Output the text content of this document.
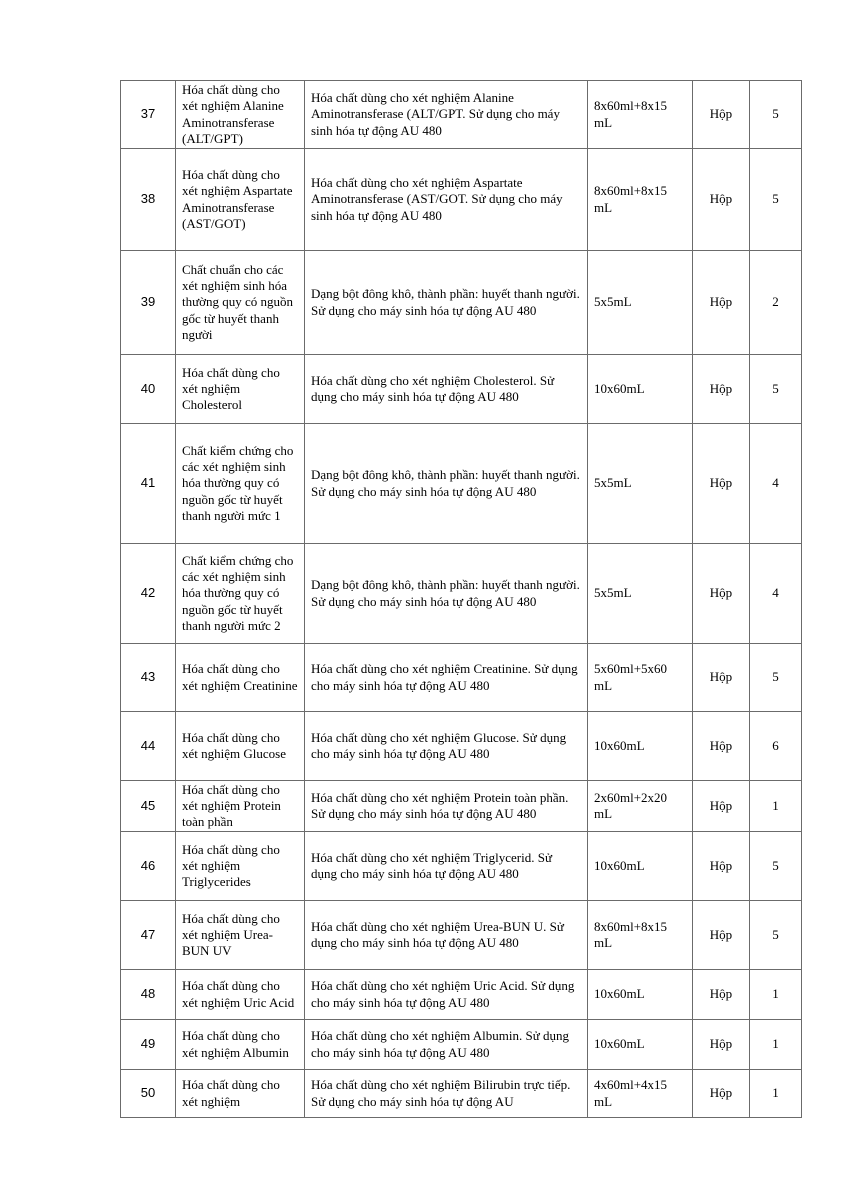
37	Hóa chất dùng cho xét nghiệm Alanine Aminotransferase (ALT/GPT)	Hóa chất dùng cho xét nghiệm Alanine Aminotransferase (ALT/GPT. Sử dụng cho máy sinh hóa tự động AU 480	8x60ml+8x15 mL	Hộp	5
38	Hóa chất dùng cho xét nghiệm Aspartate Aminotransferase (AST/GOT)	Hóa chất dùng cho xét nghiệm Aspartate Aminotransferase (AST/GOT. Sử dụng cho máy sinh hóa tự động AU 480	8x60ml+8x15 mL	Hộp	5
39	Chất chuẩn cho các xét nghiệm sinh hóa thường quy có nguồn gốc từ huyết thanh người	Dạng bột đông khô, thành phần: huyết thanh người. Sử dụng cho máy sinh hóa tự động AU 480	5x5mL	Hộp	2
40	Hóa chất dùng cho xét nghiệm Cholesterol	Hóa chất dùng cho xét nghiệm Cholesterol. Sử dụng cho máy sinh hóa tự động AU 480	10x60mL	Hộp	5
41	Chất kiểm chứng cho các xét nghiệm sinh hóa thường quy có nguồn gốc từ huyết thanh người mức 1	Dạng bột đông khô, thành phần: huyết thanh người. Sử dụng cho máy sinh hóa tự động AU 480	5x5mL	Hộp	4
42	Chất kiểm chứng cho các xét nghiệm sinh hóa thường quy có nguồn gốc từ huyết thanh người mức 2	Dạng bột đông khô, thành phần: huyết thanh người. Sử dụng cho máy sinh hóa tự động AU 480	5x5mL	Hộp	4
43	Hóa chất dùng cho xét nghiệm Creatinine	Hóa chất dùng cho xét nghiệm Creatinine. Sử dụng cho máy sinh hóa tự động AU 480	5x60ml+5x60 mL	Hộp	5
44	Hóa chất dùng cho xét nghiệm Glucose	Hóa chất dùng cho xét nghiệm Glucose. Sử dụng cho máy sinh hóa tự động AU 480	10x60mL	Hộp	6
45	Hóa chất dùng cho xét nghiệm Protein toàn phần	Hóa chất dùng cho xét nghiệm Protein toàn phần. Sử dụng cho máy sinh hóa tự động AU 480	2x60ml+2x20 mL	Hộp	1
46	Hóa chất dùng cho xét nghiệm Triglycerides	Hóa chất dùng cho xét nghiệm Triglycerid. Sử dụng cho máy sinh hóa tự động AU 480	10x60mL	Hộp	5
47	Hóa chất dùng cho xét nghiệm Urea-BUN UV	Hóa chất dùng cho xét nghiệm Urea-BUN U. Sử dụng cho máy sinh hóa tự động AU 480	8x60ml+8x15 mL	Hộp	5
48	Hóa chất dùng cho xét nghiệm Uric Acid	Hóa chất dùng cho xét nghiệm Uric Acid. Sử dụng cho máy sinh hóa tự động AU 480	10x60mL	Hộp	1
49	Hóa chất dùng cho xét nghiệm Albumin	Hóa chất dùng cho xét nghiệm Albumin. Sử dụng cho máy sinh hóa tự động AU 480	10x60mL	Hộp	1
50	Hóa chất dùng cho xét nghiệm	Hóa chất dùng cho xét nghiệm Bilirubin trực tiếp. Sử dụng cho máy sinh hóa tự động AU	4x60ml+4x15 mL	Hộp	1
